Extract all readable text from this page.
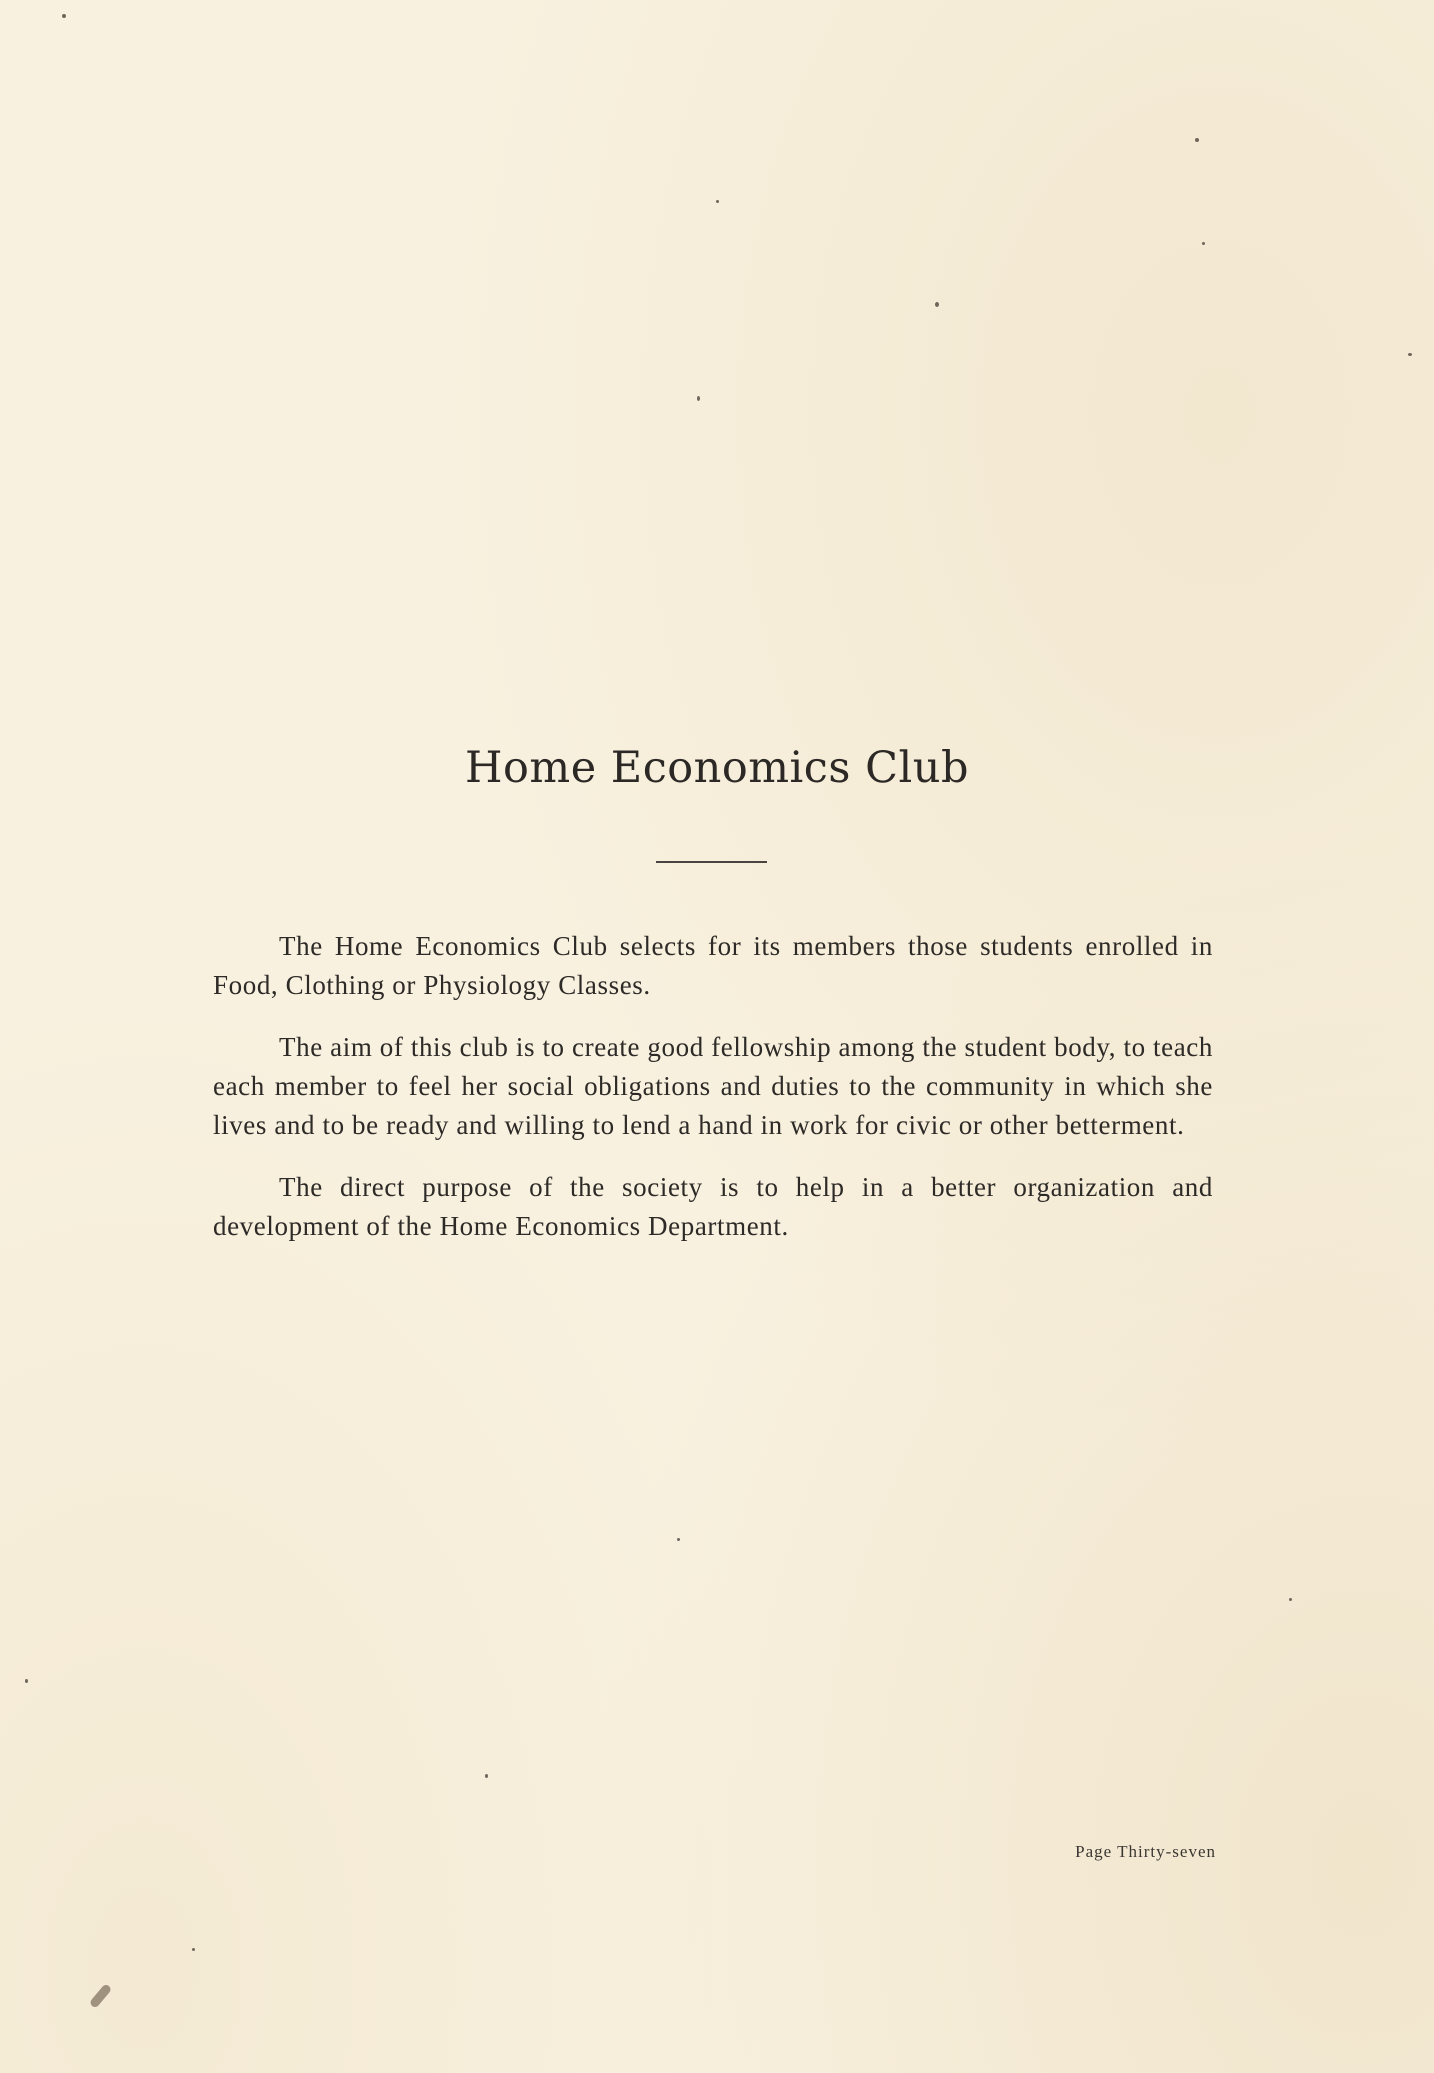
Home Economics Club

The Home Economics Club selects for its members those students enrolled in Food, Clothing or Physiology Classes.

The aim of this club is to create good fellowship among the student body, to teach each member to feel her social obligations and duties to the community in which she lives and to be ready and willing to lend a hand in work for civic or other betterment.

The direct purpose of the society is to help in a better organization and development of the Home Economics Department.

Page Thirty-seven
